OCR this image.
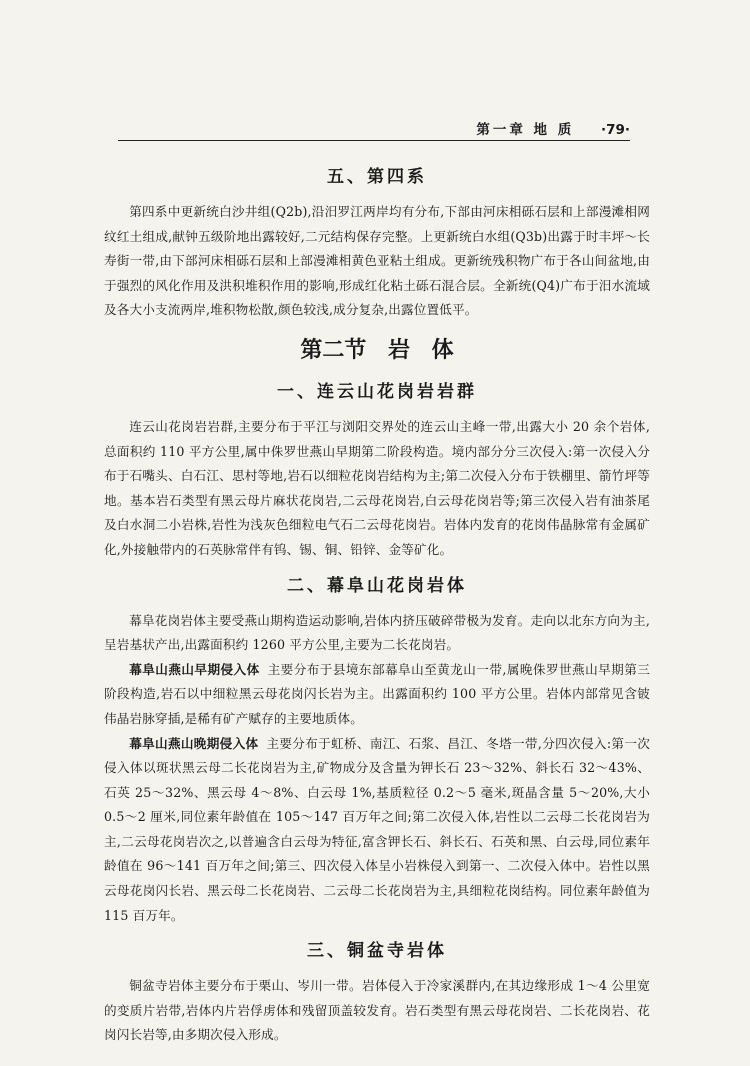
第一章 地 质 ·79·
五、第四系

第四系中更新统白沙井组(Q2b),沿汨罗江两岸均有分布,下部由河床相砾石层和上部漫滩相网纹红土组成,献钟五级阶地出露较好,二元结构保存完整。上更新统白水组(Q3b)出露于时丰坪～长寿街一带,由下部河床相砾石层和上部漫滩相黄色亚粘土组成。更新统残积物广布于各山间盆地,由于强烈的风化作用及洪积堆积作用的影响,形成红化粘土砾石混合层。全新统(Q4)广布于汨水流域及各大小支流两岸,堆积物松散,颜色较浅,成分复杂,出露位置低平。

第二节 岩 体
一、连云山花岗岩岩群

连云山花岗岩岩群,主要分布于平江与浏阳交界处的连云山主峰一带,出露大小 20 余个岩体,总面积约 110 平方公里,属中侏罗世燕山早期第二阶段构造。境内部分分三次侵入:第一次侵入分布于石嘴头、白石江、思村等地,岩石以细粒花岗岩结构为主;第二次侵入分布于铁棚里、箭竹坪等地。基本岩石类型有黑云母片麻状花岗岩,二云母花岗岩,白云母花岗岩等;第三次侵入岩有油茶尾及白水洞二小岩株,岩性为浅灰色细粒电气石二云母花岗岩。岩体内发育的花岗伟晶脉常有金属矿化,外接触带内的石英脉常伴有钨、锡、铜、铅锌、金等矿化。

二、幕阜山花岗岩体

幕阜花岗岩体主要受燕山期构造运动影响,岩体内挤压破碎带极为发育。走向以北东方向为主,呈岩基状产出,出露面积约 1260 平方公里,主要为二长花岗岩。

幕阜山燕山早期侵入体 主要分布于县境东部幕阜山至黄龙山一带,属晚侏罗世燕山早期第三阶段构造,岩石以中细粒黑云母花岗闪长岩为主。出露面积约 100 平方公里。岩体内部常见含铍伟晶岩脉穿插,是稀有矿产赋存的主要地质体。

幕阜山燕山晚期侵入体 主要分布于虹桥、南江、石浆、昌江、冬塔一带,分四次侵入:第一次侵入体以斑状黑云母二长花岗岩为主,矿物成分及含量为钾长石 23～32%、斜长石 32～43%、石英 25～32%、黑云母 4～8%、白云母 1%,基质粒径 0.2～5 毫米,斑晶含量 5～20%,大小 0.5～2 厘米,同位素年龄值在 105～147 百万年之间;第二次侵入体,岩性以二云母二长花岗岩为主,二云母花岗岩次之,以普遍含白云母为特征,富含钾长石、斜长石、石英和黑、白云母,同位素年龄值在 96～141 百万年之间;第三、四次侵入体呈小岩株侵入到第一、二次侵入体中。岩性以黑云母花岗闪长岩、黑云母二长花岗岩、二云母二长花岗岩为主,具细粒花岗结构。同位素年龄值为 115 百万年。

三、铜盆寺岩体

铜盆寺岩体主要分布于栗山、岑川一带。岩体侵入于冷家溪群内,在其边缘形成 1～4 公里宽的变质片岩带,岩体内片岩俘虏体和残留顶盖较发育。岩石类型有黑云母花岗岩、二长花岗岩、花岗闪长岩等,由多期次侵入形成。
